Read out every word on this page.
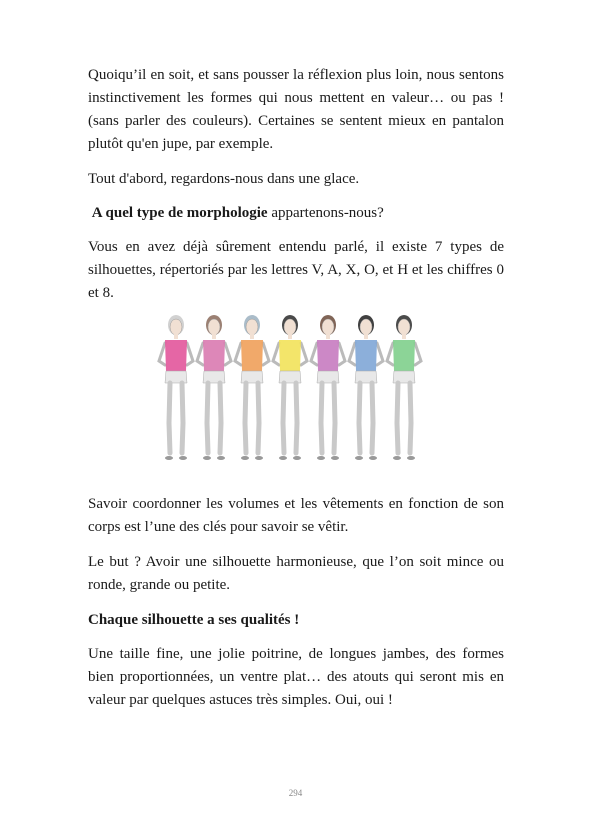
Quoiqu’il en soit, et sans pousser la réflexion plus loin, nous sentons instinctivement les formes qui nous mettent en valeur… ou pas ! (sans parler des couleurs). Certaines se sentent mieux en pantalon plutôt qu'en jupe, par exemple.

Tout d'abord, regardons-nous dans une glace.

A quel type de morphologie appartenons-nous?

Vous en avez déjà sûrement entendu parlé, il existe 7 types de silhouettes, répertoriés par les lettres V, A, X, O, et H et les chiffres 0 et 8.

Savoir coordonner les volumes et les vêtements en fonction de son corps est l’une des clés pour savoir se vêtir.

Le but ? Avoir une silhouette harmonieuse, que l’on soit mince ou ronde, grande ou petite.

Chaque silhouette a ses qualités !

Une taille fine, une jolie poitrine, de longues jambes, des formes bien proportionnées, un ventre plat… des atouts qui seront mis en valeur par quelques astuces très simples. Oui, oui !

294
